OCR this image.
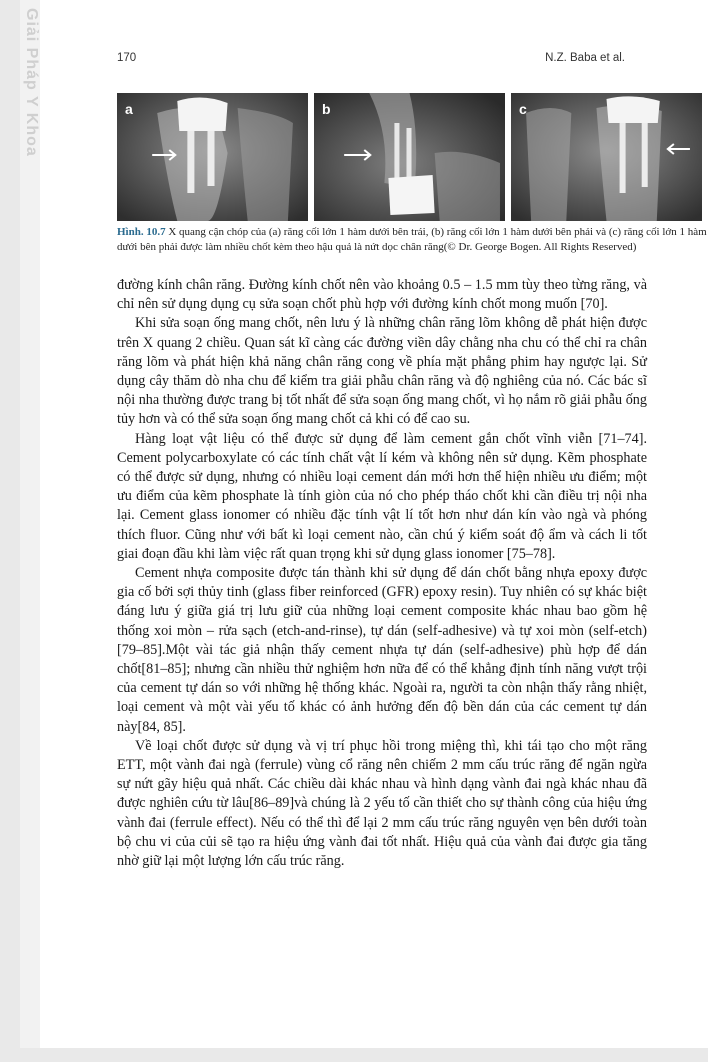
Giải Pháp Y Khoa	170	N.Z. Baba et al.
a	b	c
Hình. 10.7 X quang cận chóp của (a) răng cối lớn 1 hàm dưới bên trái, (b) răng cối lớn 1 hàm dưới bên phải và (c) răng cối lớn 1 hàm dưới bên phải được làm nhiều chốt kèm theo hậu quả là nứt dọc chân răng(© Dr. George Bogen. All Rights Reserved)

đường kính chân răng. Đường kính chốt nên vào khoảng 0.5 – 1.5 mm tùy theo từng răng, và chỉ nên sử dụng dụng cụ sửa soạn chốt phù hợp với đường kính chốt mong muốn [70].

Khi sửa soạn ống mang chốt, nên lưu ý là những chân răng lõm không dễ phát hiện được trên X quang 2 chiều. Quan sát kĩ càng các đường viền dây chằng nha chu có thể chỉ ra chân răng lõm và phát hiện khả năng chân răng cong về phía mặt phẳng phim hay ngược lại. Sử dụng cây thăm dò nha chu để kiểm tra giải phẫu chân răng và độ nghiêng của nó. Các bác sĩ nội nha thường được trang bị tốt nhất để sửa soạn ống mang chốt, vì họ nắm rõ giải phẫu ống tủy hơn và có thể sửa soạn ống mang chốt cả khi có để cao su.

Hàng loạt vật liệu có thể được sử dụng để làm cement gắn chốt vĩnh viễn [71–74]. Cement polycarboxylate có các tính chất vật lí kém và không nên sử dụng. Kẽm phosphate có thể được sử dụng, nhưng có nhiều loại cement dán mới hơn thể hiện nhiều ưu điểm; một ưu điểm của kẽm phosphate là tính giòn của nó cho phép tháo chốt khi cần điều trị nội nha lại. Cement glass ionomer có nhiều đặc tính vật lí tốt hơn như dán kín vào ngà và phóng thích fluor. Cũng như với bất kì loại cement nào, cần chú ý kiểm soát độ ẩm và cách li tốt giai đoạn đầu khi làm việc rất quan trọng khi sử dụng glass ionomer [75–78].

Cement nhựa composite được tán thành khi sử dụng để dán chốt bằng nhựa epoxy được gia cố bởi sợi thủy tinh (glass fiber reinforced (GFR) epoxy resin). Tuy nhiên có sự khác biệt đáng lưu ý giữa giá trị lưu giữ của những loại cement composite khác nhau bao gồm hệ thống xoi mòn – rửa sạch (etch-and-rinse), tự dán (self-adhesive) và tự xoi mòn (self-etch)[79–85].Một vài tác giả nhận thấy cement nhựa tự dán (self-adhesive) phù hợp để dán chốt[81–85]; nhưng cần nhiều thử nghiệm hơn nữa để có thể khẳng định tính năng vượt trội của cement tự dán so với những hệ thống khác. Ngoài ra, người ta còn nhận thấy rằng nhiệt, loại cement và một vài yếu tố khác có ảnh hưởng đến độ bền dán của các cement tự dán này[84, 85].

Về loại chốt được sử dụng và vị trí phục hồi trong miệng thì, khi tái tạo cho một răng ETT, một vành đai ngà (ferrule) vùng cổ răng nên chiếm 2 mm cấu trúc răng để ngăn ngừa sự nứt gãy hiệu quả nhất. Các chiều dài khác nhau và hình dạng vành đai ngà khác nhau đã được nghiên cứu từ lâu[86–89]và chúng là 2 yếu tố cần thiết cho sự thành công của hiệu ứng vành đai (ferrule effect). Nếu có thể thì để lại 2 mm cấu trúc răng nguyên vẹn bên dưới toàn bộ chu vi của củi sẽ tạo ra hiệu ứng vành đai tốt nhất. Hiệu quả của vành đai được gia tăng nhờ giữ lại một lượng lớn cấu trúc răng.
